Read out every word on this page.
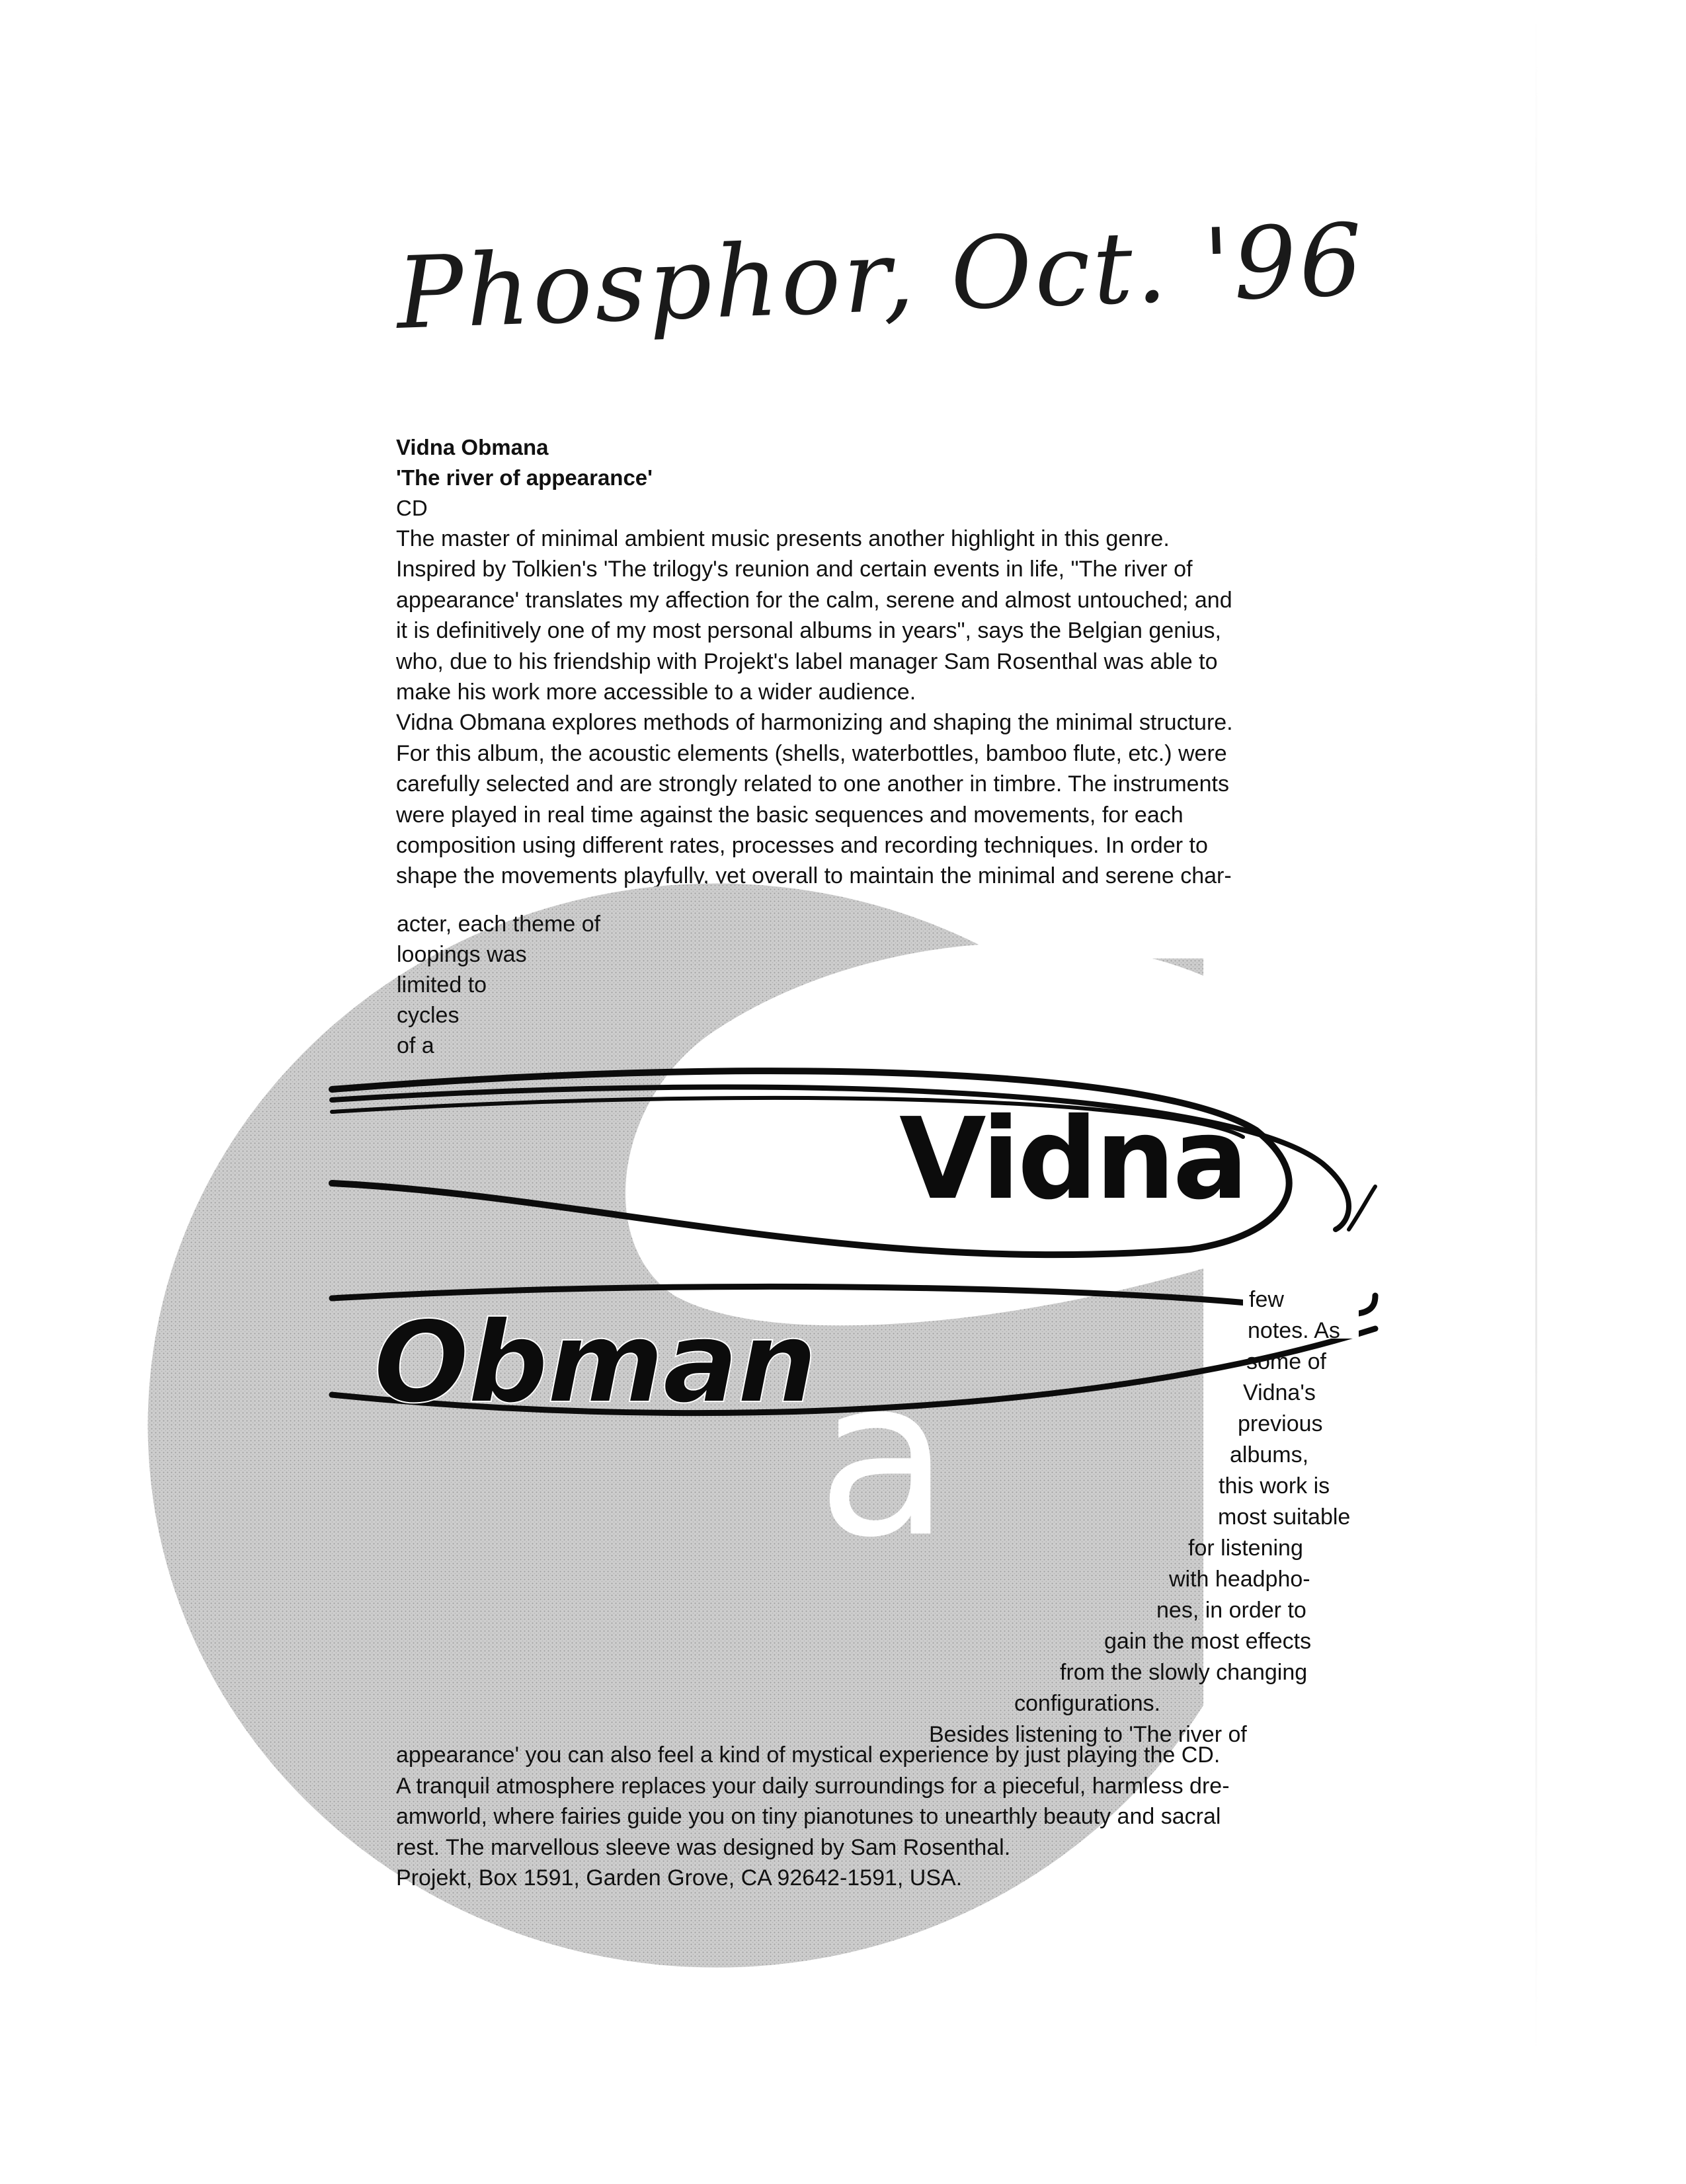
Phosphor, Oct. '96
Vidna Obmana
'The river of appearance'
CD
The master of minimal ambient music presents another highlight in this genre.
Inspired by Tolkien's 'The trilogy's reunion and certain events in life, "The river of
appearance' translates my affection for the calm, serene and almost untouched; and
it is definitively one of my most personal albums in years", says the Belgian genius,
who, due to his friendship with Projekt's label manager Sam Rosenthal was able to
make his work more accessible to a wider audience.
Vidna Obmana explores methods of harmonizing and shaping the minimal structure.
For this album, the acoustic elements (shells, waterbottles, bamboo flute, etc.) were
carefully selected and are strongly related to one another in timbre. The instruments
were played in real time against the basic sequences and movements, for each
composition using different rates, processes and recording techniques. In order to
shape the movements playfully, yet overall to maintain the minimal and serene char-
Vidna
Obman a
acter, each theme of
loopings was
limited to
cycles
of a
few
notes. As
some of
Vidna's
previous
albums,
this work is
most suitable
for listening
with headpho-
nes, in order to
gain the most effects
from the slowly changing
configurations.
Besides listening to 'The river of
appearance' you can also feel a kind of mystical experience by just playing the CD.
A tranquil atmosphere replaces your daily surroundings for a pieceful, harmless dre-
amworld, where fairies guide you on tiny pianotunes to unearthly beauty and sacral
rest. The marvellous sleeve was designed by Sam Rosenthal.
Projekt, Box 1591, Garden Grove, CA 92642-1591, USA.
